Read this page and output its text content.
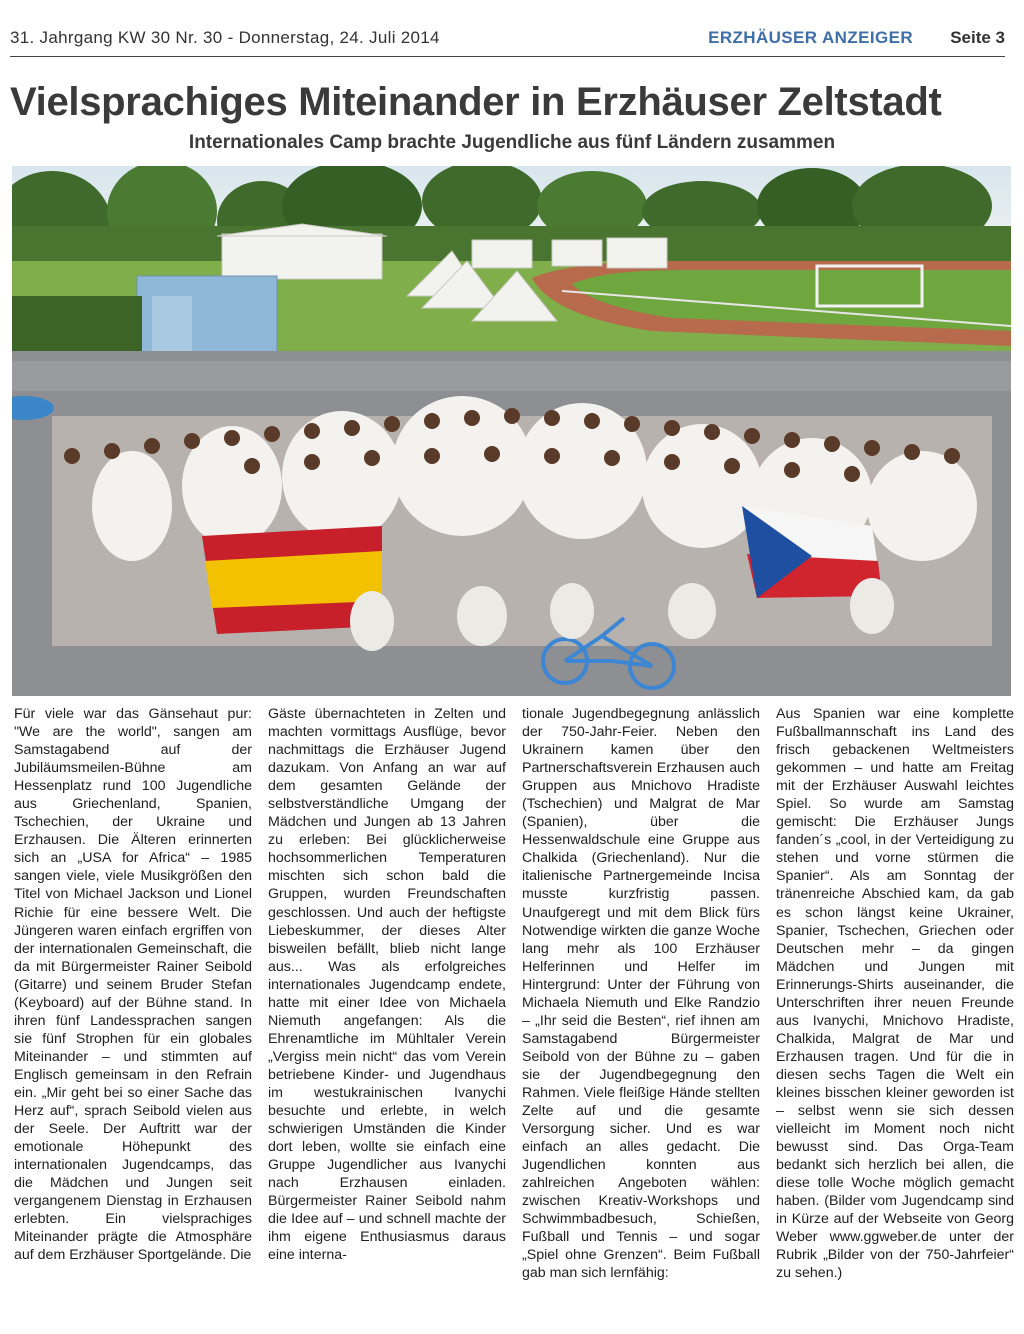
31. Jahrgang KW 30 Nr. 30 - Donnerstag, 24. Juli 2014	ERZHÄUSER ANZEIGER Seite 3
Vielsprachiges Miteinander in Erzhäuser Zeltstadt
Internationales Camp brachte Jugendliche aus fünf Ländern zusammen

Für viele war das Gänsehaut pur: "We are the world", sangen am Samstagabend auf der Jubiläumsmeilen-Bühne am Hessenplatz rund 100 Jugendliche aus Griechenland, Spanien, Tschechien, der Ukraine und Erzhausen. Die Älteren erinnerten sich an „USA for Africa“ – 1985 sangen viele, viele Musikgrößen den Titel von Michael Jackson und Lionel Richie für eine bessere Welt. Die Jüngeren waren einfach ergriffen von der internationalen Gemeinschaft, die da mit Bürgermeister Rainer Seibold (Gitarre) und seinem Bruder Stefan (Keyboard) auf der Bühne stand. In ihren fünf Landessprachen sangen sie fünf Strophen für ein globales Miteinander – und stimmten auf Englisch gemeinsam in den Refrain ein. „Mir geht bei so einer Sache das Herz auf“, sprach Seibold vielen aus der Seele. Der Auftritt war der emotionale Höhepunkt des internationalen Jugendcamps, das die Mädchen und Jungen seit vergangenem Dienstag in Erzhausen erlebten. Ein vielsprachiges Miteinander prägte die Atmosphäre auf dem Erzhäuser Sportgelände. Die

Gäste übernachteten in Zelten und machten vormittags Ausflüge, bevor nachmittags die Erzhäuser Jugend dazukam. Von Anfang an war auf dem gesamten Gelände der selbstverständliche Umgang der Mädchen und Jungen ab 13 Jahren zu erleben: Bei glücklicherweise hochsommerlichen Temperaturen mischten sich schon bald die Gruppen, wurden Freundschaften geschlossen. Und auch der heftigste Liebeskummer, der dieses Alter bisweilen befällt, blieb nicht lange aus... Was als erfolgreiches internationales Jugendcamp endete, hatte mit einer Idee von Michaela Niemuth angefangen: Als die Ehrenamtliche im Mühltaler Verein „Vergiss mein nicht“ das vom Verein betriebene Kinder- und Jugendhaus im westukrainischen Ivanychi besuchte und erlebte, in welch schwierigen Umständen die Kinder dort leben, wollte sie einfach eine Gruppe Jugendlicher aus Ivanychi nach Erzhausen einladen. Bürgermeister Rainer Seibold nahm die Idee auf – und schnell machte der ihm eigene Enthusiasmus daraus eine interna-

tionale Jugendbegegnung anlässlich der 750-Jahr-Feier. Neben den Ukrainern kamen über den Partnerschaftsverein Erzhausen auch Gruppen aus Mnichovo Hradiste (Tschechien) und Malgrat de Mar (Spanien), über die Hessenwaldschule eine Gruppe aus Chalkida (Griechenland). Nur die italienische Partnergemeinde Incisa musste kurzfristig passen. Unaufgeregt und mit dem Blick fürs Notwendige wirkten die ganze Woche lang mehr als 100 Erzhäuser Helferinnen und Helfer im Hintergrund: Unter der Führung von Michaela Niemuth und Elke Randzio – „Ihr seid die Besten“, rief ihnen am Samstagabend Bürgermeister Seibold von der Bühne zu – gaben sie der Jugendbegegnung den Rahmen. Viele fleißige Hände stellten Zelte auf und die gesamte Versorgung sicher. Und es war einfach an alles gedacht. Die Jugendlichen konnten aus zahlreichen Angeboten wählen: zwischen Kreativ-Workshops und Schwimmbadbesuch, Schießen, Fußball und Tennis – und sogar „Spiel ohne Grenzen“. Beim Fußball gab man sich lernfähig:

Aus Spanien war eine komplette Fußballmannschaft ins Land des frisch gebackenen Weltmeisters gekommen – und hatte am Freitag mit der Erzhäuser Auswahl leichtes Spiel. So wurde am Samstag gemischt: Die Erzhäuser Jungs fanden´s „cool, in der Verteidigung zu stehen und vorne stürmen die Spanier“. Als am Sonntag der tränenreiche Abschied kam, da gab es schon längst keine Ukrainer, Spanier, Tschechen, Griechen oder Deutschen mehr – da gingen Mädchen und Jungen mit Erinnerungs-Shirts auseinander, die Unterschriften ihrer neuen Freunde aus Ivanychi, Mnichovo Hradiste, Chalkida, Malgrat de Mar und Erzhausen tragen. Und für die in diesen sechs Tagen die Welt ein kleines bisschen kleiner geworden ist – selbst wenn sie sich dessen vielleicht im Moment noch nicht bewusst sind. Das Orga-Team bedankt sich herzlich bei allen, die diese tolle Woche möglich gemacht haben. (Bilder vom Jugendcamp sind in Kürze auf der Webseite von Georg Weber www.ggweber.de unter der Rubrik „Bilder von der 750-Jahrfeier“ zu sehen.)
